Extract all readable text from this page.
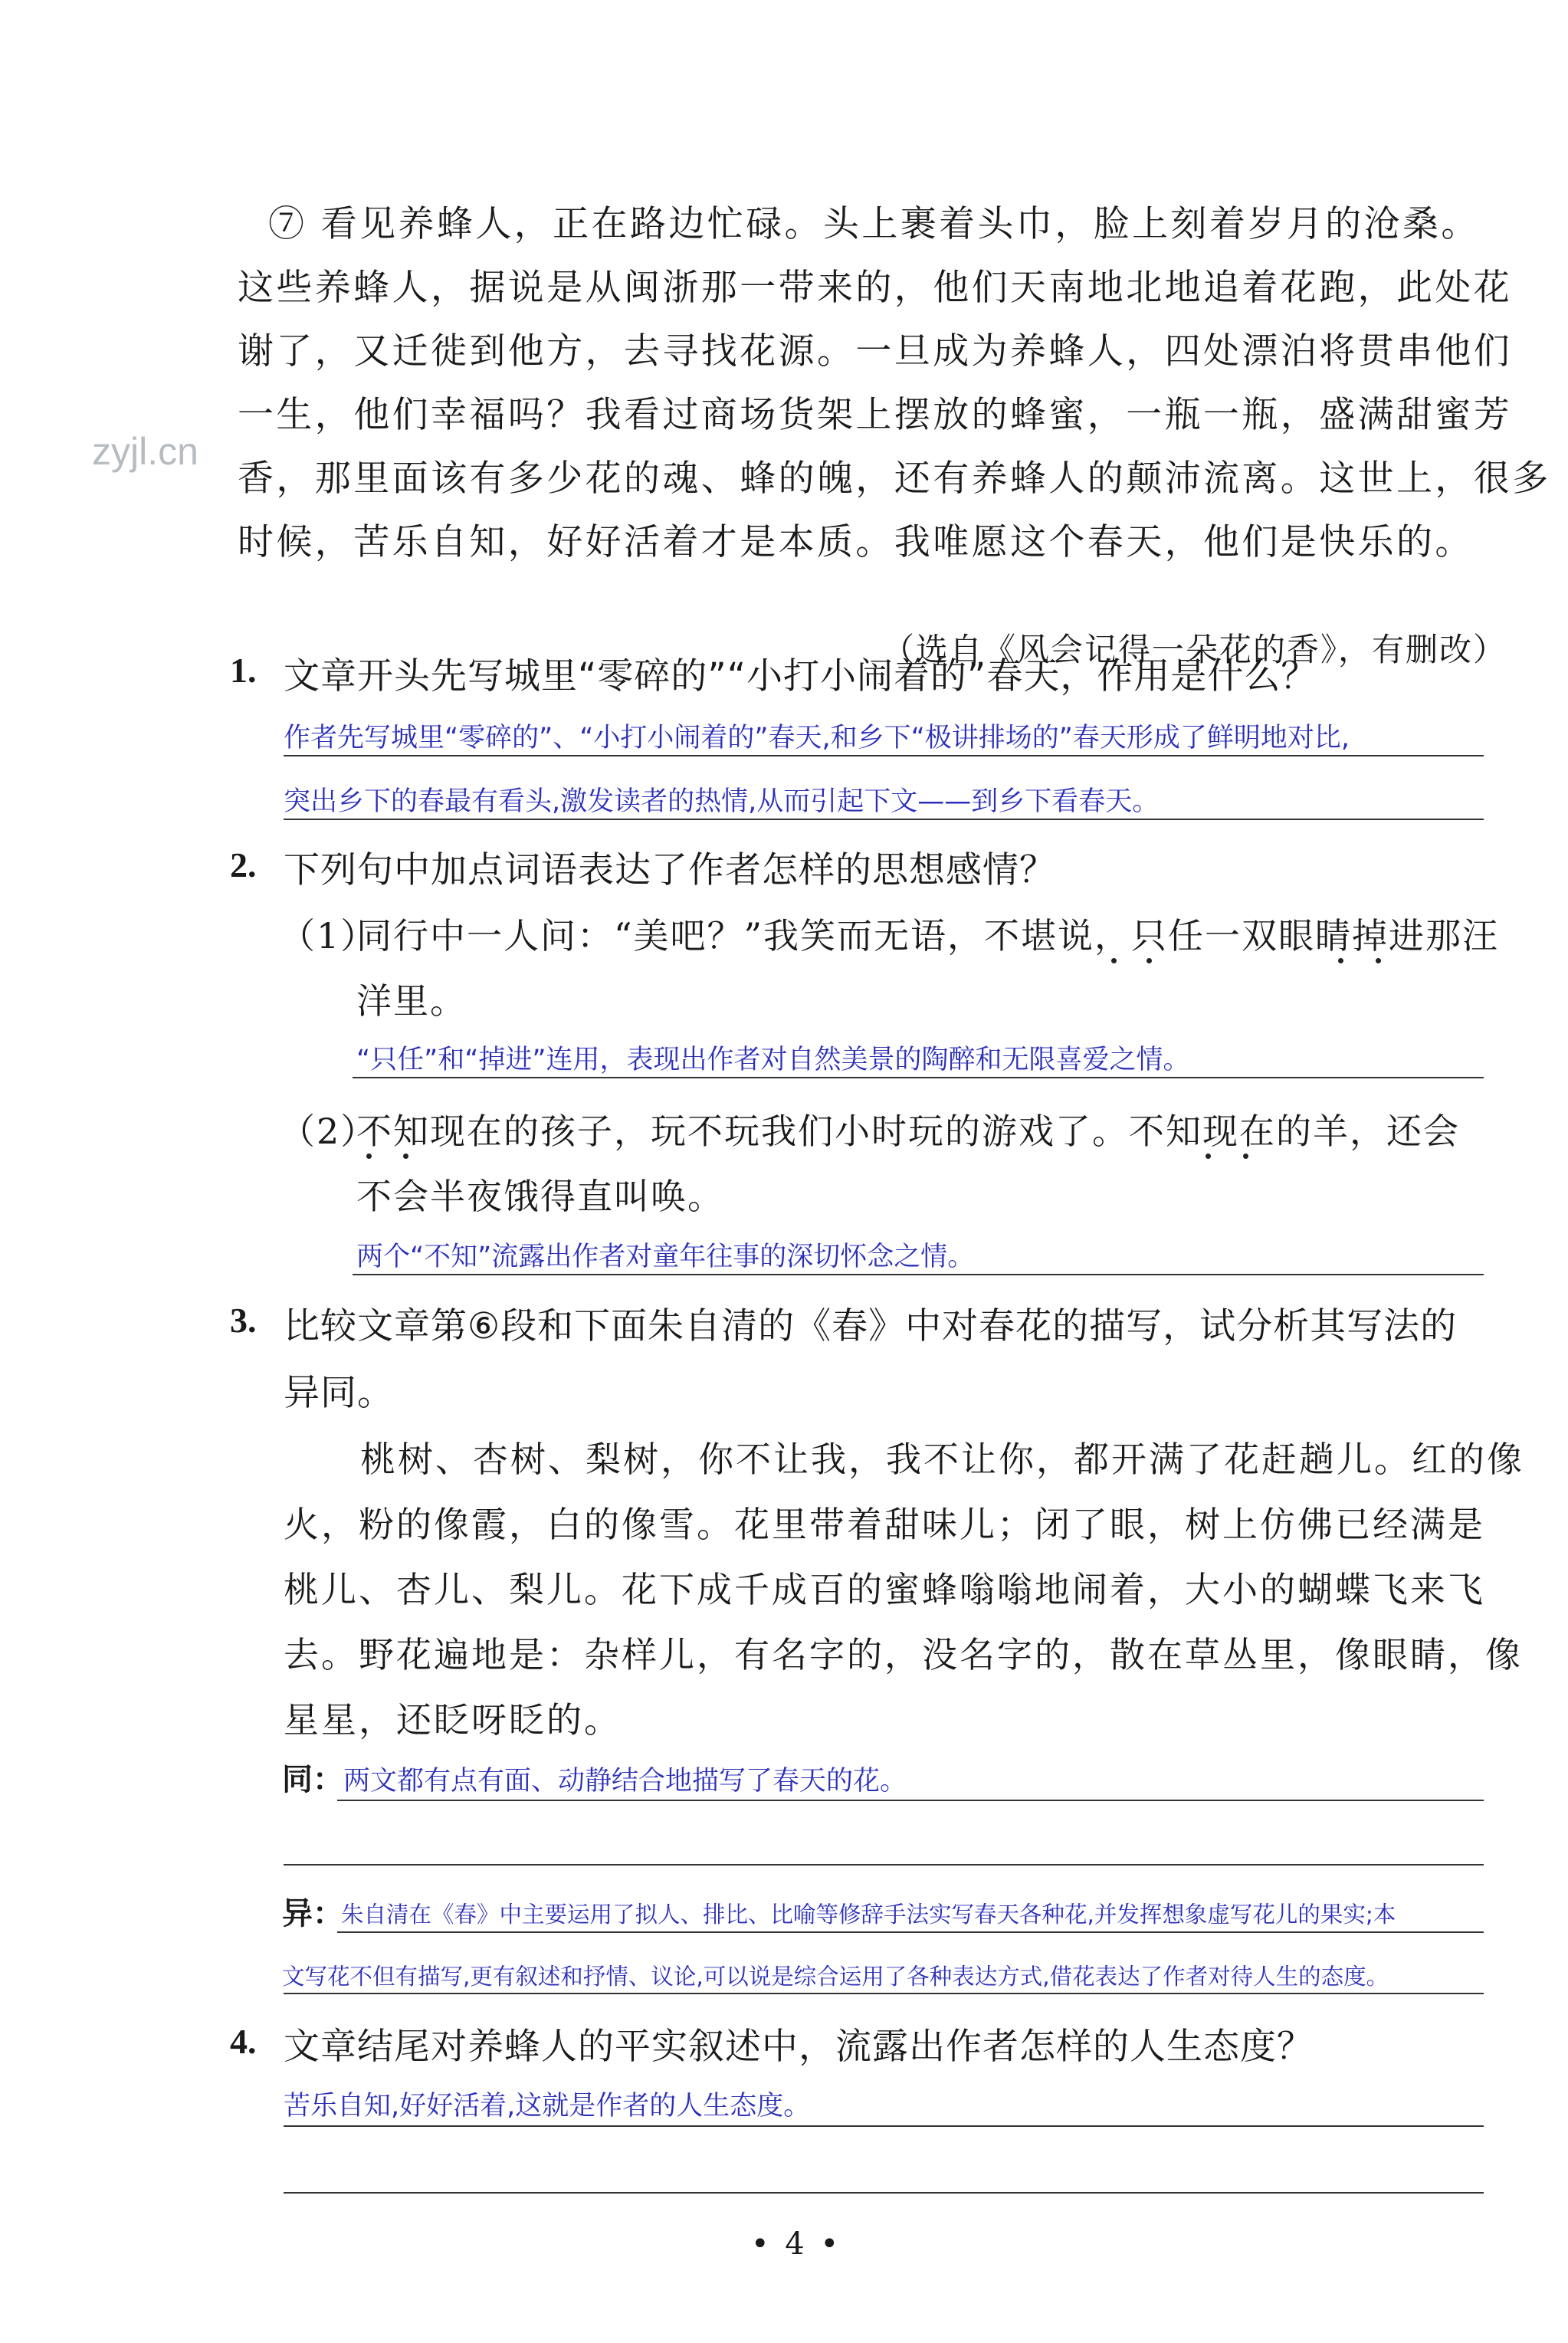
zyjl.cn
⑦ 看见养蜂人，正在路边忙碌。头上裹着头巾，脸上刻着岁月的沧桑。
这些养蜂人，据说是从闽浙那一带来的，他们天南地北地追着花跑，此处花
谢了，又迁徙到他方，去寻找花源。一旦成为养蜂人，四处漂泊将贯串他们
一生，他们幸福吗？我看过商场货架上摆放的蜂蜜，一瓶一瓶，盛满甜蜜芳
香，那里面该有多少花的魂、蜂的魄，还有养蜂人的颠沛流离。这世上，很多
时候，苦乐自知，好好活着才是本质。我唯愿这个春天，他们是快乐的。
（选自《风会记得一朵花的香》，有删改）
1. 文章开头先写城里“零碎的”“小打小闹着的”春天，作用是什么？
作者先写城里“零碎的”、“小打小闹着的”春天,和乡下“极讲排场的”春天形成了鲜明地对比,
突出乡下的春最有看头,激发读者的热情,从而引起下文——到乡下看春天。
2. 下列句中加点词语表达了作者怎样的思想感情？
（1）
同行中一人问：“美吧？”我笑而无语，不堪说，只任一双眼睛掉进那汪
洋里。
“只任”和“掉进”连用，表现出作者对自然美景的陶醉和无限喜爱之情。
（2）
不知现在的孩子，玩不玩我们小时玩的游戏了。不知现在的羊，还会
不会半夜饿得直叫唤。
两个“不知”流露出作者对童年往事的深切怀念之情。
3. 比较文章第⑥段和下面朱自清的《春》中对春花的描写，试分析其写法的
异同。
桃树、杏树、梨树，你不让我，我不让你，都开满了花赶趟儿。红的像
火，粉的像霞，白的像雪。花里带着甜味儿；闭了眼，树上仿佛已经满是
桃儿、杏儿、梨儿。花下成千成百的蜜蜂嗡嗡地闹着，大小的蝴蝶飞来飞
去。野花遍地是：杂样儿，有名字的，没名字的，散在草丛里，像眼睛，像
星星，还眨呀眨的。
同： 两文都有点有面、动静结合地描写了春天的花。
异：
朱自清在《春》中主要运用了拟人、排比、比喻等修辞手法实写春天各种花,并发挥想象虚写花儿的果实;本
文写花不但有描写,更有叙述和抒情、议论,可以说是综合运用了各种表达方式,借花表达了作者对待人生的态度。
4. 文章结尾对养蜂人的平实叙述中，流露出作者怎样的人生态度？
苦乐自知,好好活着,这就是作者的人生态度。
• 4 •
